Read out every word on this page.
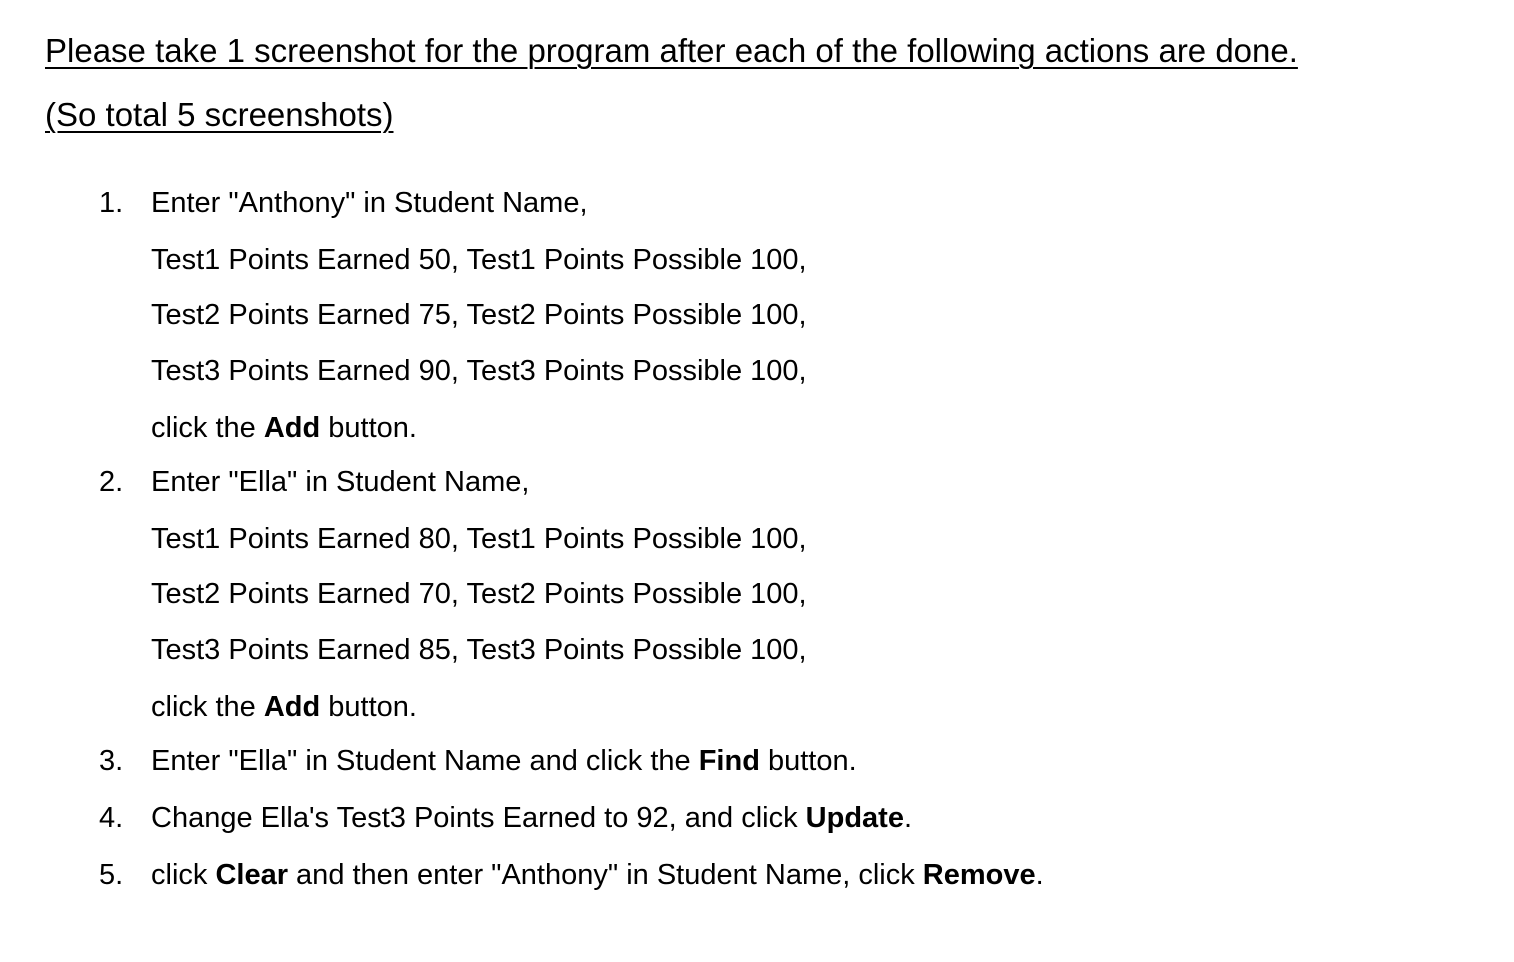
Please take 1 screenshot for the program after each of the following actions are done.
(So total 5 screenshots)
1. Enter "Anthony" in Student Name,
Test1 Points Earned 50, Test1 Points Possible 100,
Test2 Points Earned 75, Test2 Points Possible 100,
Test3 Points Earned 90, Test3 Points Possible 100,
click the Add button.
2. Enter "Ella" in Student Name,
Test1 Points Earned 80, Test1 Points Possible 100,
Test2 Points Earned 70, Test2 Points Possible 100,
Test3 Points Earned 85, Test3 Points Possible 100,
click the Add button.
3. Enter "Ella" in Student Name and click the Find button.
4. Change Ella's Test3 Points Earned to 92, and click Update.
5. click Clear and then enter "Anthony" in Student Name, click Remove.
